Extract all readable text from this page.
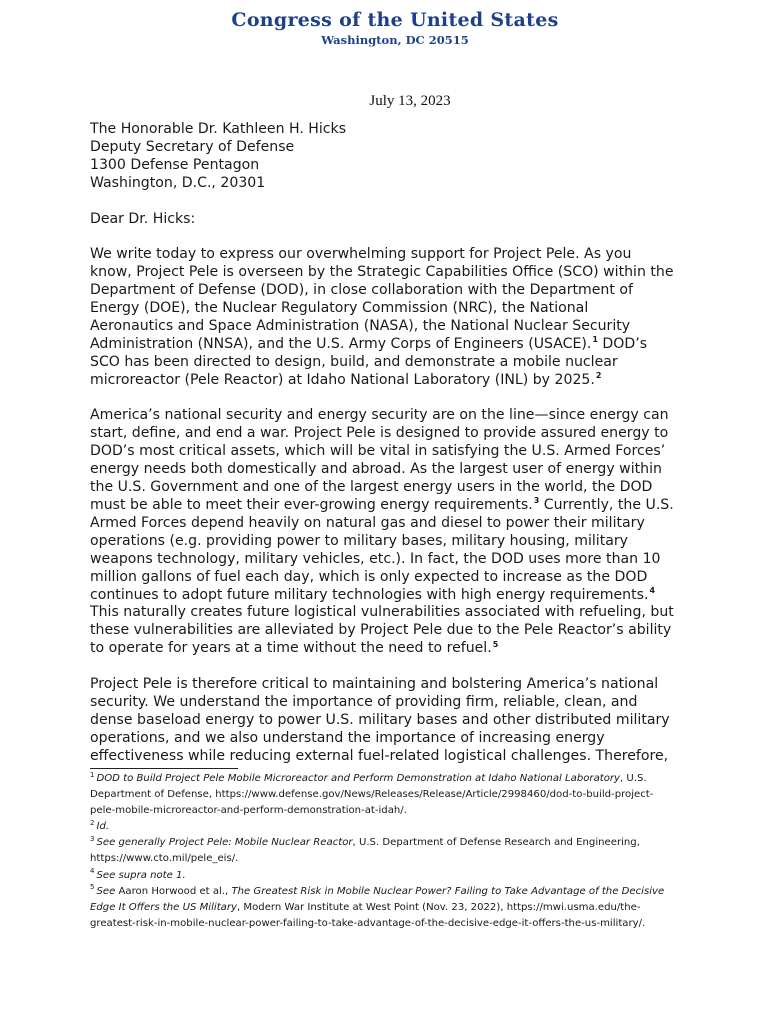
Congress of the United States
Washington, DC 20515
July 13, 2023
The Honorable Dr. Kathleen H. Hicks
Deputy Secretary of Defense
1300 Defense Pentagon
Washington, D.C., 20301
Dear Dr. Hicks:
We write today to express our overwhelming support for Project Pele. As you
know, Project Pele is overseen by the Strategic Capabilities Office (SCO) within the
Department of Defense (DOD), in close collaboration with the Department of
Energy (DOE), the Nuclear Regulatory Commission (NRC), the National
Aeronautics and Space Administration (NASA), the National Nuclear Security
Administration (NNSA), and the U.S. Army Corps of Engineers (USACE).$^1$ DOD’s
SCO has been directed to design, build, and demonstrate a mobile nuclear
microreactor (Pele Reactor) at Idaho National Laboratory (INL) by 2025.$^2$
America’s national security and energy security are on the line—since energy can
start, define, and end a war. Project Pele is designed to provide assured energy to
DOD’s most critical assets, which will be vital in satisfying the U.S. Armed Forces’
energy needs both domestically and abroad. As the largest user of energy within
the U.S. Government and one of the largest energy users in the world, the DOD
must be able to meet their ever-growing energy requirements.$^3$ Currently, the U.S.
Armed Forces depend heavily on natural gas and diesel to power their military
operations (e.g. providing power to military bases, military housing, military
weapons technology, military vehicles, etc.). In fact, the DOD uses more than 10
million gallons of fuel each day, which is only expected to increase as the DOD
continues to adopt future military technologies with high energy requirements.$^4$
This naturally creates future logistical vulnerabilities associated with refueling, but
these vulnerabilities are alleviated by Project Pele due to the Pele Reactor’s ability
to operate for years at a time without the need to refuel.$^5$
Project Pele is therefore critical to maintaining and bolstering America’s national
security. We understand the importance of providing firm, reliable, clean, and
dense baseload energy to power U.S. military bases and other distributed military
operations, and we also understand the importance of increasing energy
effectiveness while reducing external fuel-related logistical challenges. Therefore,
$^1$ DOD to Build Project Pele Mobile Microreactor and Perform Demonstration at Idaho National Laboratory, U.S.
Department of Defense, https://www.defense.gov/News/Releases/Release/Article/2998460/dod-to-build-project-
pele-mobile-microreactor-and-perform-demonstration-at-idah/.
$^2$ Id.
$^3$ See generally Project Pele: Mobile Nuclear Reactor, U.S. Department of Defense Research and Engineering,
https://www.cto.mil/pele_eis/.
$^4$ See supra note 1.
$^5$ See Aaron Horwood et al., The Greatest Risk in Mobile Nuclear Power? Failing to Take Advantage of the Decisive
Edge It Offers the US Military, Modern War Institute at West Point (Nov. 23, 2022), https://mwi.usma.edu/the-
greatest-risk-in-mobile-nuclear-power-failing-to-take-advantage-of-the-decisive-edge-it-offers-the-us-military/.
